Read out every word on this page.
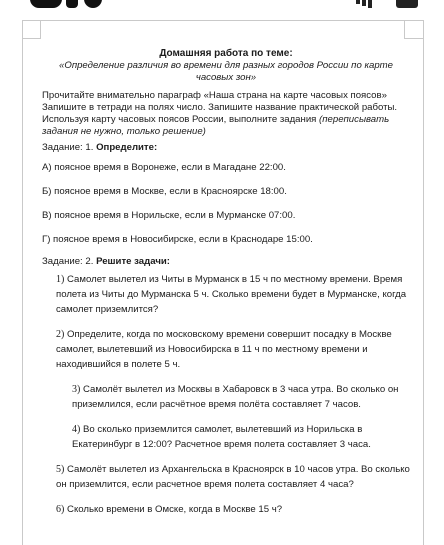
Домашняя работа по теме:
«Определение различия во времени для разных городов России по карте часовых зон»
Прочитайте внимательно параграф «Наша страна на карте часовых поясов» Запишите в тетради на полях число. Запишите название практической работы. Используя карту часовых поясов России, выполните задания (переписывать задания не нужно, только решение)
Задание: 1. Определите:
А) поясное время в Воронеже, если в Магадане 22:00.
Б) поясное время в Москве, если в Красноярске 18:00.
В) поясное время в Норильске, если в Мурманске 07:00.
Г) поясное время в Новосибирске, если в Краснодаре 15:00.
Задание: 2. Решите задачи:
1) Самолет вылетел из Читы в Мурманск в 15 ч по местному времени. Время полета из Читы до Мурманска 5 ч. Сколько времени будет в Мурманске, когда самолет приземлится?
2) Определите, когда по московскому времени совершит посадку в Москве самолет, вылетевший из Новосибирска в 11 ч по местному времени и находившийся в полете 5 ч.
3) Самолёт вылетел из Москвы в Хабаровск в 3 часа утра. Во сколько он приземлился, если расчётное время полёта составляет 7 часов.
4) Во сколько приземлится самолет, вылетевший из Норильска в Екатеринбург в 12:00? Расчетное время полета составляет 3 часа.
5) Самолёт вылетел из Архангельска в Красноярск в 10 часов утра. Во сколько он приземлится, если расчетное время полета составляет 4 часа?
6) Сколько времени в Омске, когда в Москве 15 ч?
